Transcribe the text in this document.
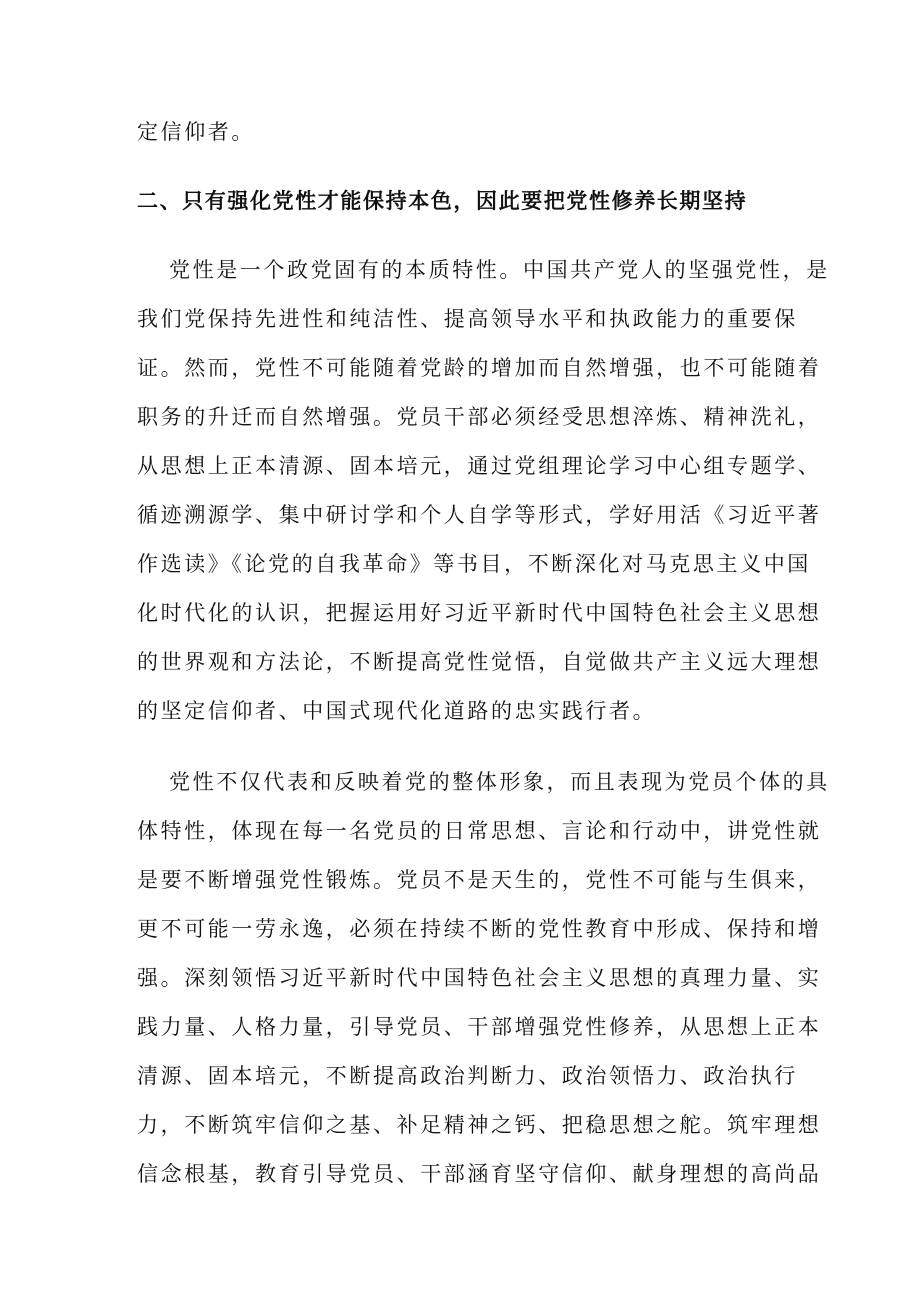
定信仰者。

二、只有强化党性才能保持本色，因此要把党性修养长期坚持

党性是一个政党固有的本质特性。中国共产党人的坚强党性，是

我们党保持先进性和纯洁性、提高领导水平和执政能力的重要保

证。然而，党性不可能随着党龄的增加而自然增强，也不可能随着

职务的升迁而自然增强。党员干部必须经受思想淬炼、精神洗礼，

从思想上正本清源、固本培元，通过党组理论学习中心组专题学、

循迹溯源学、集中研讨学和个人自学等形式，学好用活《习近平著

作选读》《论党的自我革命》等书目，不断深化对马克思主义中国

化时代化的认识，把握运用好习近平新时代中国特色社会主义思想

的世界观和方法论，不断提高党性觉悟，自觉做共产主义远大理想

的坚定信仰者、中国式现代化道路的忠实践行者。

党性不仅代表和反映着党的整体形象，而且表现为党员个体的具

体特性，体现在每一名党员的日常思想、言论和行动中，讲党性就

是要不断增强党性锻炼。党员不是天生的，党性不可能与生俱来，

更不可能一劳永逸，必须在持续不断的党性教育中形成、保持和增

强。深刻领悟习近平新时代中国特色社会主义思想的真理力量、实

践力量、人格力量，引导党员、干部增强党性修养，从思想上正本

清源、固本培元，不断提高政治判断力、政治领悟力、政治执行

力，不断筑牢信仰之基、补足精神之钙、把稳思想之舵。筑牢理想

信念根基，教育引导党员、干部涵育坚守信仰、献身理想的高尚品
